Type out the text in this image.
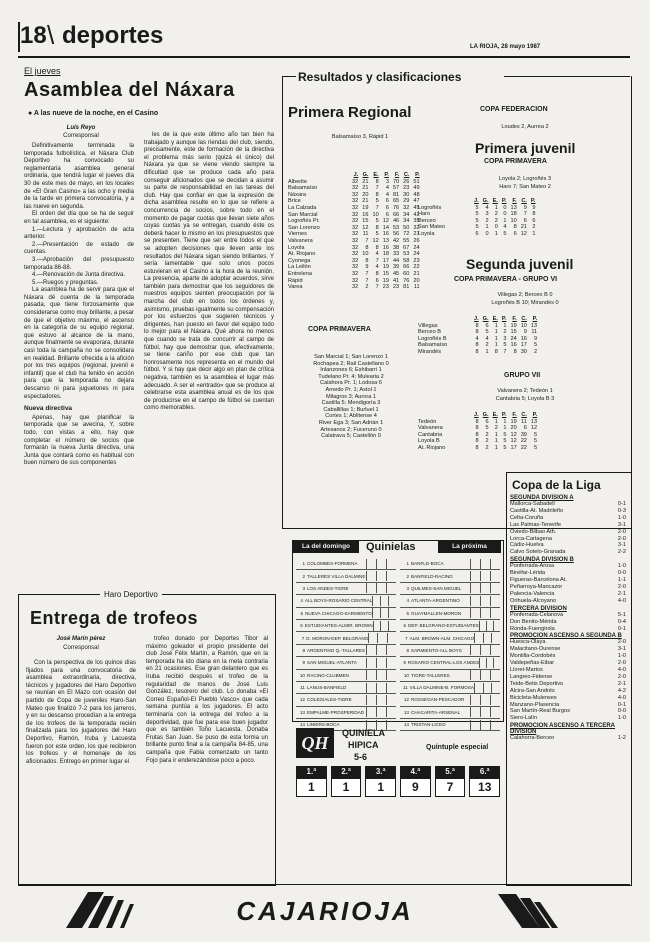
18 \ deportes	LA RIOJA, 28 mayo 1987
El jueves
Asamblea del Náxara
● A las nueve de la noche, en el Casino
Luis Reyo
Corresponsal

Definitivamente terminada la temporada futbolística, el Náxara Club Deportivo ha convocado su reglamentaria asamblea general ordinaria, que tendrá lugar el jueves día 30 de este mes de mayo, en los locales de «El Gran Casino» a las ocho y media de la tarde en primera convocatoria, y a las nueve en segunda.

El orden del día que se ha de seguir en tal asamblea, es el siguiente:

1.—Lectura y aprobación de acta anterior.

2.—Presentación de estado de cuentas.

3.—Aprobación del presupuesto temporada 86-88.

4.—Renovación de Junta directiva.

5.—Ruegos y preguntas.

La asamblea ha de servir para que el Náxara dé cuenta de la temporada pasada, que tiene forzosamente que considerarse como muy brillante, a pesar de que el objetivo máximo, el ascenso en la categoría de su equipo regional, que estuvo al alcance de la mano, aunque finalmente se evaporara, durante casi toda la campaña no se consolidara en realidad. Brillante ofrecida a la afición por los tres equipos (regional, juvenil e infantil) que el club ha tenido en acción para que la temporada no dejara descanso ni para juguetones ni para espectadores.

Nueva directiva

Apenas, hay que planificar la temporada que se avecina, Y, sobre todo, con vistas a ello, hay que completar el número de socios que formarán la nueva Junta directiva, una Junta que contará como es habitual con buen número de sus componentes

les de la que este último año tan bien ha trabajado y aunque las riendas del club, siendo, precisamente, este de formación de la directiva el problema más serio (quizá el único) del Náxara ya que se viene viendo siempre la dificultad que se produce cada año para conseguir aficionados que se decidan a asumir su parte de responsabilidad en las tareas del club. Hay que confiar en que la expresión de dicha asamblea resulte en lo que se refiere a concurrencia de socios, sobre todo en el momento de pagar cuotas que llevan siete años cuyas cuotas ya se entregan, cuando éste os deberá hacer lo mismo en los presupuestos que se presenten. Tiene que ser entre todos el que se adopten decisiones que lleven ante los resultados del Náxara sigan siendo brillantes. Y sería lamentable que solo unos pocos estuvieran en el Casino a la hora de la reunión. La presencia, aparte de adoptar acuerdos, sirve también para demostrar que los seguidores de nuestros equipos sienten preocupación por la marcha del club en todos los órdenes y, asimismo, pruebas igualmente su compensación por los esfuerzos que sugieren técnicos y dirigentes, han puesto en favor del equipo todo lo mejor para el Náxara. Qué ahora no menos que cuando se trata de concurrir al campo de fútbol, hay que demostrar que, efectivamente, se tiene cariño por ese club que tan honrosamente nos representa en el mundo del fútbol. Y si hay que decir algo en plan de crítica negativa, también es la asamblea el lugar más adecuado. A ser el «entrado» que se produce al celebrarse esta asamblea anual es de los que de producirse en el campo de fútbol se cuentan como memorables.

Haro Deportivo
Entrega de trofeos
José Marín pérez
Corresponsal

Con la perspectiva de los quince días fijados para una convocatoria de asamblea extraordinaria, directiva, técnicos y jugadores del Haro Deportivo se reunían en El Mazo con ocasión del partido de Copa de juveniles Haro-San Mateo que finalizó 7-2 para los jarreros, y en su descanso procedían a la entrega de los trofeos de la temporada recién finalizada para los jugadores del Haro Deportivo, Ramón, Iruba y Lacuesta fueron por este orden, los que recibieron los trofeos y el homenaje de los aficionados. Entrego en primer lugar el

trofeo donado por Deportes Tibor al máximo goleador el propio presidente del club José Félix Martín, a Ramón, que en la temporada ha ido diana en la meta contraria en 21 ocasiones. Ese gran delantero que es Iruba recibió después el trofeo de la regularidad de manos de José Luis González, tesorero del club. Lo donaba «El Correo Español-El Pueblo Vasco» que cada semana puntúa a los jugadores. El acto terminaría con la entrega del trofeo a la deportividad, que fue para ese buen jugador que es también Toño Lacuesta. Donaba Frutas San Juan. Se puso de esta forma un brillante punto final a la campaña 84-85, una campaña que Fabia comenzado un tanto Fojo para ir enderezándose poco a poco.

Resultados y clasificaciones
Primera Regional
Balsamaíso 3, Rápid 1
	J.	G.	E.	P.	F.	C.	P.
Alberite	32	21	8	3	70	26	51
Balsamaíso	32	21	7	4	57	23	49
Náxara	32	20	8	4	81	30	48
Brice	32	21	5	6	65	29	47
La Calzada	32	19	7	6	76	32	45
San Marcial	32	16	10	6	66	34	42
Logroñés Pr.	32	15	5	12	46	34	35
San Lorenzo	32	12	8	14	53	50	32
Viernes	32	11	5	16	56	72	27
Valvanera	32	7	12	13	42	55	26
Loyola	32	8	8	16	38	67	24
At. Riojano	32	10	4	18	33	53	24
Cyonega	32	8	7	17	44	58	23
La Leilón	32	9	4	19	39	66	22
Entrelena	32	7	8	15	45	60	21
Rápid	32	7	6	19	41	76	20
Varea	32	2	7	23	23	81	11
COPA FEDERACION
Loudes 2, Aurrea 2
Primera juvenil
COPA PRIMAVERA
Loyola 2; Logroñés 3
Haro 7; San Mateo 2
	J.	G.	E.	P.	F.	C.	P.
Logroñés	5	4	1	0	13	9	9
Haro	5	3	2	0	18	7	8
Berceo	5	2	2	1	10	6	6
San Mateo	5	1	0	4	8	21	2
Loyola	6	0	1	5	6	12	1
COPA PRIMAVERA
San Marcial 1; San Lorenzo 1
Rochapea 2; Rail Castellano 0
Inlanzones 6; Eshibarri 1
Tudelano Pr. 4; Mulearia 2
Calahora Pr. 1; Lodosa 6
Arnedo Pr. 1; Astol 1
Milagros 3; Aurora 1
Castilla 5; Mendigoría 3
Caballillas 1; Burluel 1
Cortes 1; Ablitense 4
River Ega 3; San Adrián 1
Artesanos 2; Fuceruno 0
Calatrava 5; Castellón 0
Segunda juvenil
COPA PRIMAVERA - GRUPO VI
Villegas 2; Berceo B 0
Logroñés B 10; Mirandés 0
	J.	G.	E.	P.	F.	C.	P.
Villegas	8	6	1	1	19	10	13
Berceo B	8	5	1	2	15	9	11
Logroñés B	4	4	1	3	24	16	9
Balsamaíso	8	2	1	5	16	17	5
Mirandés	8	1	8	7	8	30	2
GRUPO VII
Valvanera 2; Tedeón 1
Cantabria 5; Loyola B 3
	J.	G.	E.	P.	F.	C.	P.
Tedeón	8	6	1	1	19	11	13
Valvanera	8	5	2	1	20	6	12
Cantabria	8	2	1	5	12	39	5
Loyola B	8	2	1	5	12	22	5
At. Riojano	8	2	1	5	17	22	5
La del domingo	Quinielas	La próxima
1 COLOMBES-FORMENA
2 TALLERES VILLA DALMINE
3 LOS ANDES-TIGRE
4 ALL BOYS-ROSARIO CENTRAL
5 NUEVA CHICAGO-SARMIENTO
6 ESTUDIANTES-ALMIR. BROWN
7 D. MORON-DEP. BELGRANO
8 ARGENTINO Q.-TALLARES
9 SAN MIGUEL-ATLANTA
10 RACING-CLUBMEN
11 LANUS-BANFIELD
12 COLEGIALES-TIGRE
13 EMPALME-PROSPERIDAD
14 LINIERS-BOCA
1 BANFLD-BOCA
2 BANFIELD-RACING
3 QUILMES-SAN MIGUEL
4 ATLANTA-ARGENTINO
5 GUAYMALLEN-MORON
6 DEP. BELGRANO-ESTUDIANTES
7 ALM. BROWN-ALM. CHICAGO
8 SARMIENTO-ALL BOYS
9 ROSARIO CENTRAL-LOS ANDES
10 TIGRE-TALLERES
11 VILLA DALMINE-B. FORMOSA
12 ROSSEGAN-PESCADOR
13 CHACARITA-ARSENAL
14 TRISTAN-LICEO
QH	QUINIELA
HIPICA
5-6
Quíntuple especial
1.ª
1
2.ª
1
3.ª
1
4.ª
9
5.ª
7
6.ª
13
Copa de la Liga
SEGUNDA DIVISION A
Mallorca-Sabadell	0-1
Castilla-At. Madrileño	0-3
Celta-Coruña	1-0
Las Palmas-Tenerife	3-1
Oviedo-Bilbao Ath.	2-0
Lorca-Cartagena	2-0
Cádiz-Huelva	3-1
Calvo Sotelo-Granada	2-2
SEGUNDA DIVISION B
Ponferrada-Arosa	1-0
Binéfar-Lérida	0-0
Figueras-Barcelona At.	1-1
Peñarroya-Mancazor	2-0
Palencia-Valencia	2-1
Orihuela-Alcoyano	4-0
TERCERA DIVISION
Ponferrada-Celanova	5-1
Don Benito-Mérida	0-4
Ronda-Fuengirola	0-1
PROMOCION ASCENSO A SEGUNDA B
Huesca-Olaya	2-0
Malacitano-Ourense	3-1
Montilla-Cordobés	1-0
Valdepeñas-Eibar	2-0
Lloret-Martos	4-0
Langreo-Fidense	2-0
Teide-Betis Deportivo	2-1
Alcira-San Andrés	4-2
Bicicleta-Mulenses	4-0
Manzano-Plasencia	0-1
San Martín-Real Burgos	0-0
Siero-Lalín	1-0
PROMOCION ASCENSO A TERCERA DIVISION
Calahorra-Berceo	1-2
CAJARIOJA
